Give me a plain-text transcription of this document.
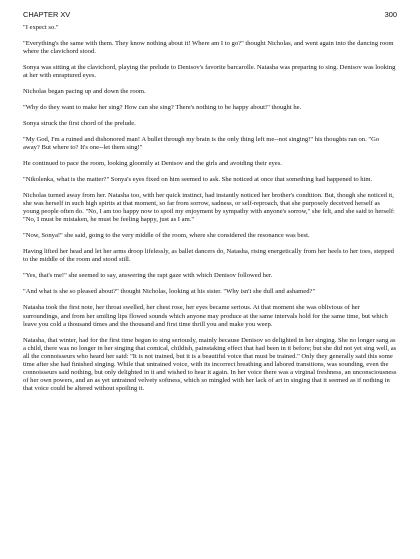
CHAPTER XV	300

"I expect so."

"Everything's the same with them. They know nothing about it! Where am I to go?" thought Nicholas, and went again into the dancing room where the clavichord stood.

Sonya was sitting at the clavichord, playing the prelude to Denisov's favorite barcarolle. Natasha was preparing to sing. Denisov was looking at her with enraptured eyes.

Nicholas began pacing up and down the room.

"Why do they want to make her sing? How can she sing? There's nothing to be happy about!" thought he.

Sonya struck the first chord of the prelude.

"My God, I'm a ruined and dishonored man! A bullet through my brain is the only thing left me--not singing!" his thoughts ran on. "Go away? But where to? It's one--let them sing!"

He continued to pace the room, looking gloomily at Denisov and the girls and avoiding their eyes.

"Nikolenka, what is the matter?" Sonya's eyes fixed on him seemed to ask. She noticed at once that something had happened to him.

Nicholas turned away from her. Natasha too, with her quick instinct, had instantly noticed her brother's condition. But, though she noticed it, she was herself in such high spirits at that moment, so far from sorrow, sadness, or self-reproach, that she purposely deceived herself as young people often do. "No, I am too happy now to spoil my enjoyment by sympathy with anyone's sorrow," she felt, and she said to herself: "No, I must be mistaken, he must be feeling happy, just as I am."

"Now, Sonya!" she said, going to the very middle of the room, where she considered the resonance was best.

Having lifted her head and let her arms droop lifelessly, as ballet dancers do, Natasha, rising energetically from her heels to her toes, stepped to the middle of the room and stood still.

"Yes, that's me!" she seemed to say, answering the rapt gaze with which Denisov followed her.

"And what is she so pleased about?" thought Nicholas, looking at his sister. "Why isn't she dull and ashamed?"

Natasha took the first note, her throat swelled, her chest rose, her eyes became serious. At that moment she was oblivious of her surroundings, and from her smiling lips flowed sounds which anyone may produce at the same intervals hold for the same time, but which leave you cold a thousand times and the thousand and first time thrill you and make you weep.

Natasha, that winter, had for the first time begun to sing seriously, mainly because Denisov so delighted in her singing. She no longer sang as a child, there was no longer in her singing that comical, childish, painstaking effect that had been in it before; but she did not yet sing well, as all the connoisseurs who heard her said: "It is not trained, but it is a beautiful voice that must be trained." Only they generally said this some time after she had finished singing. While that untrained voice, with its incorrect breathing and labored transitions, was sounding, even the connoisseurs said nothing, but only delighted in it and wished to hear it again. In her voice there was a virginal freshness, an unconsciousness of her own powers, and an as yet untrained velvety softness, which so mingled with her lack of art in singing that it seemed as if nothing in that voice could be altered without spoiling it.
